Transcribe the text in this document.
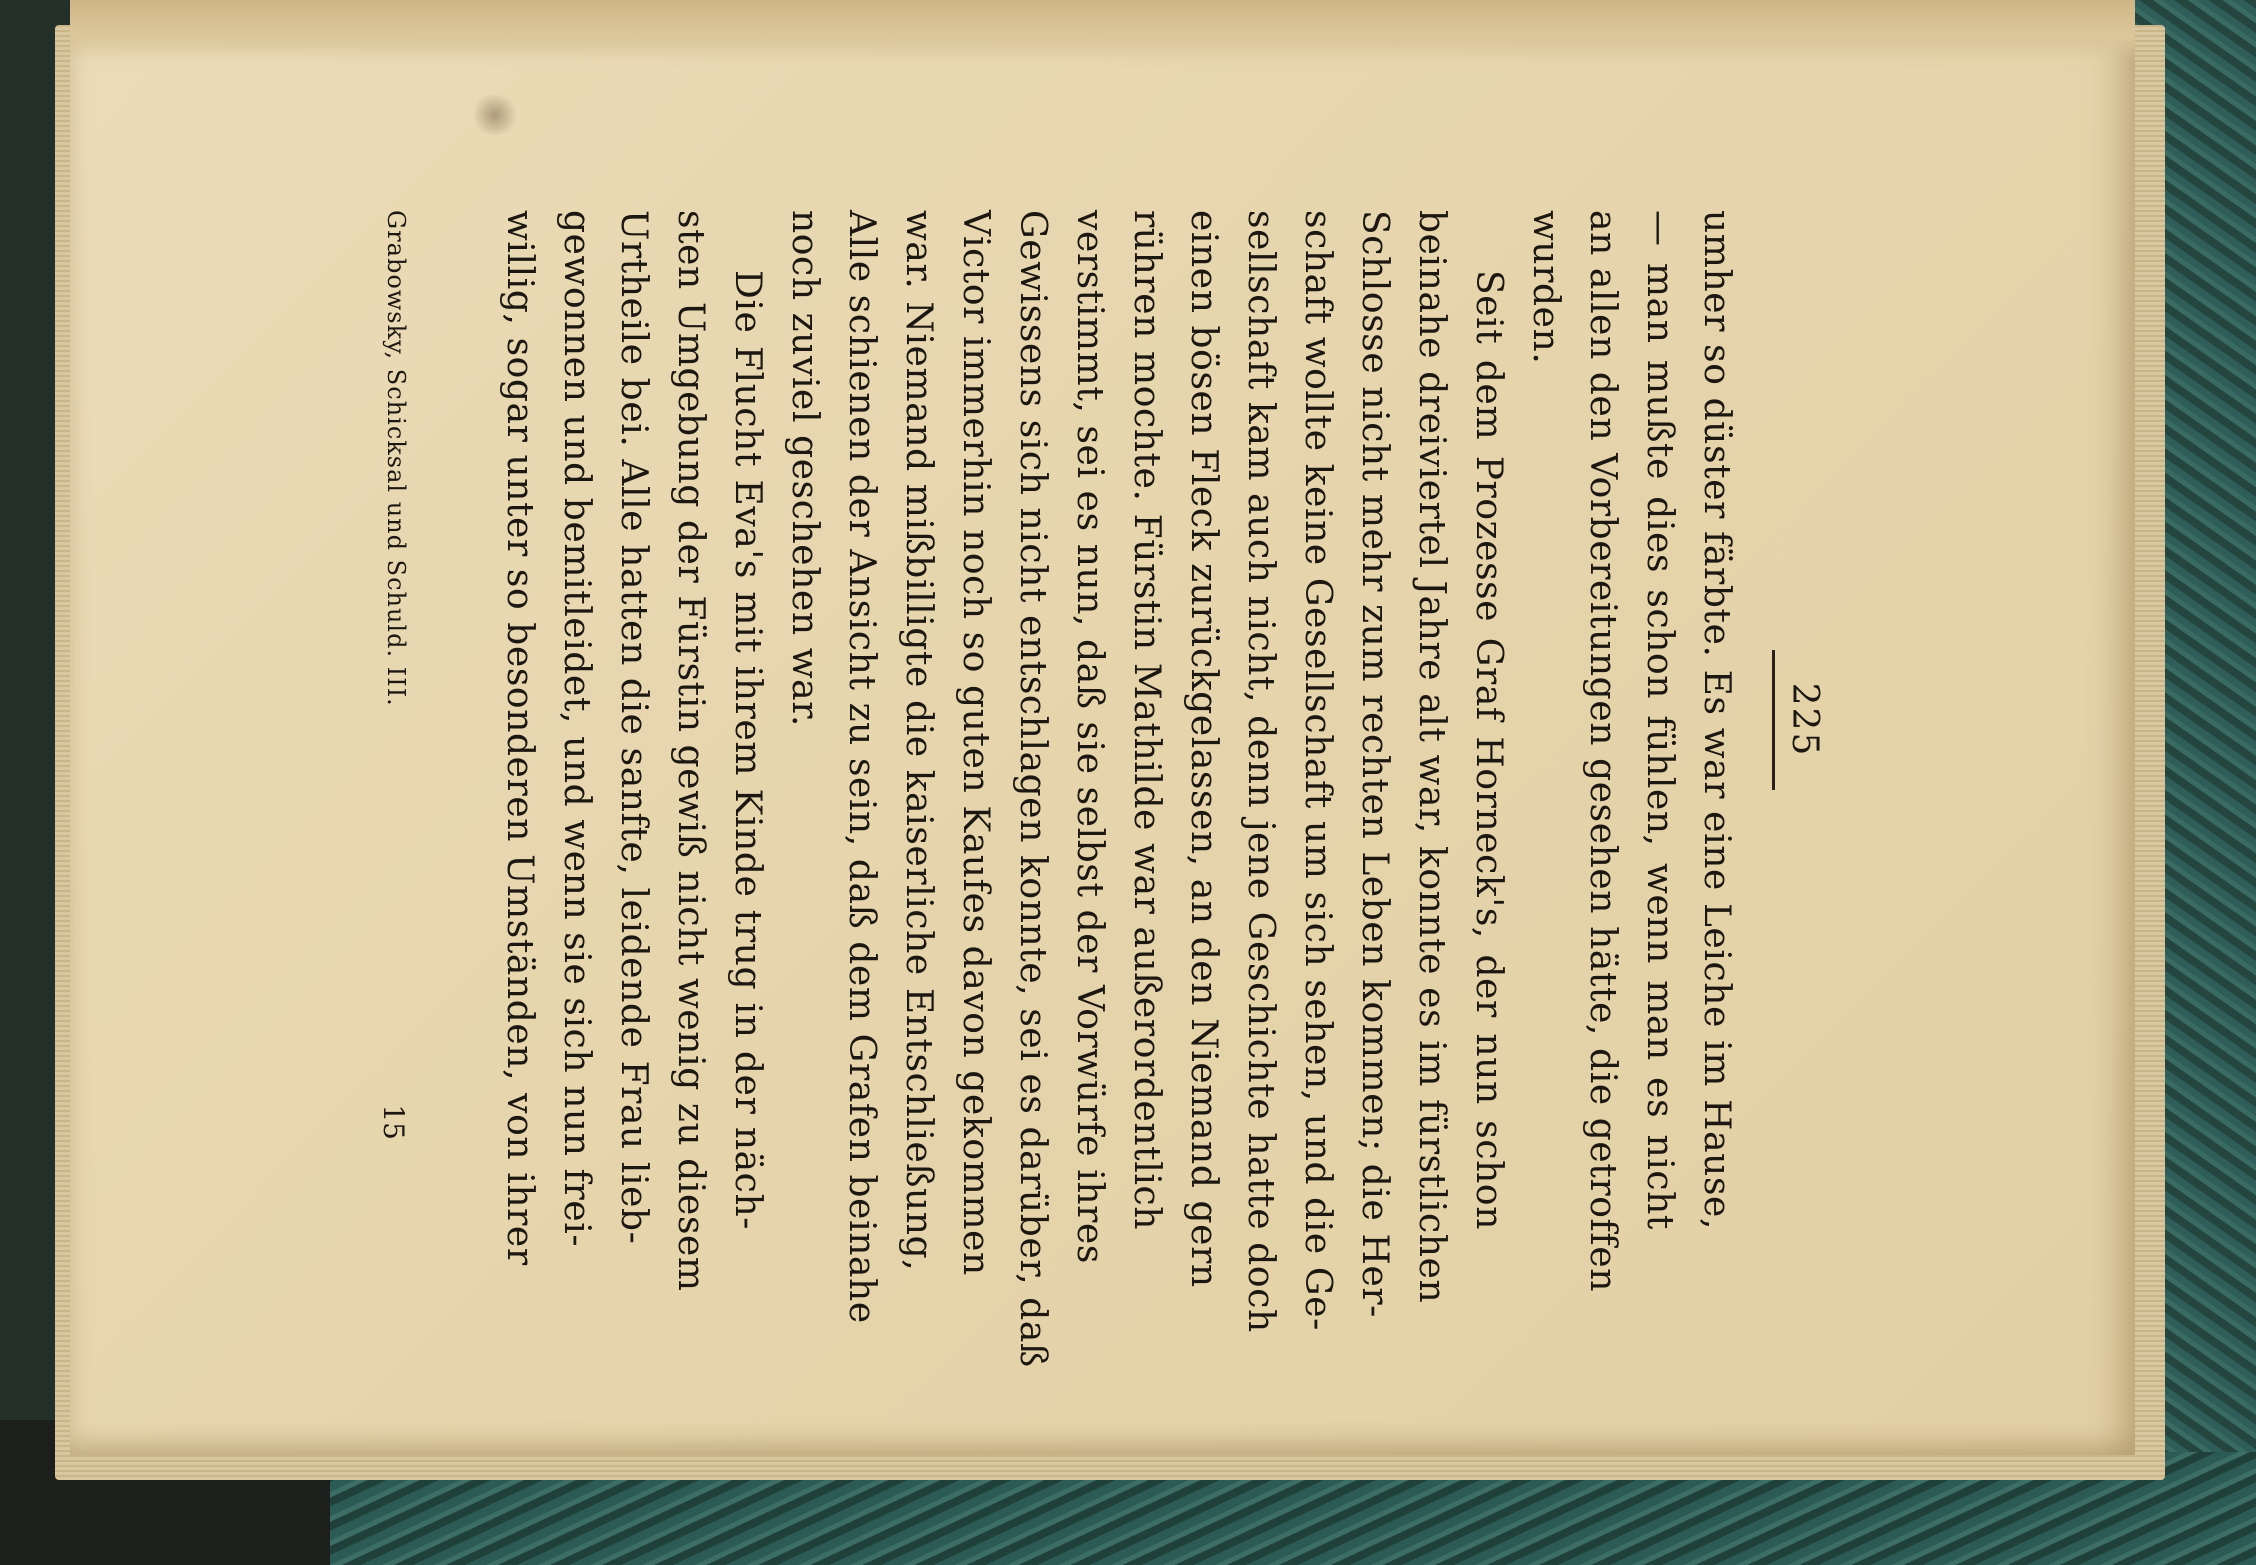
225
umher so düster färbte. Es war eine Leiche im Hause,
— man mußte dies schon fühlen, wenn man es nicht
an allen den Vorbereitungen gesehen hätte, die getroffen
wurden.
Seit dem Prozesse Graf Horneck's, der nun schon
beinahe dreiviertel Jahre alt war, konnte es im fürstlichen
Schlosse nicht mehr zum rechten Leben kommen; die Her-
schaft wollte keine Gesellschaft um sich sehen, und die Ge-
sellschaft kam auch nicht, denn jene Geschichte hatte doch
einen bösen Fleck zurückgelassen, an den Niemand gern
rühren mochte. Fürstin Mathilde war außerordentlich
verstimmt, sei es nun, daß sie selbst der Vorwürfe ihres
Gewissens sich nicht entschlagen konnte, sei es darüber, daß
Victor immerhin noch so guten Kaufes davon gekommen
war. Niemand mißbilligte die kaiserliche Entschließung,
Alle schienen der Ansicht zu sein, daß dem Grafen beinahe
noch zuviel geschehen war.
Die Flucht Eva's mit ihrem Kinde trug in der näch-
sten Umgebung der Fürstin gewiß nicht wenig zu diesem
Urtheile bei. Alle hatten die sanfte, leidende Frau lieb-
gewonnen und bemitleidet, und wenn sie sich nun frei-
willig, sogar unter so besonderen Umständen, von ihrer
Grabowsky, Schicksal und Schuld. III.
15
